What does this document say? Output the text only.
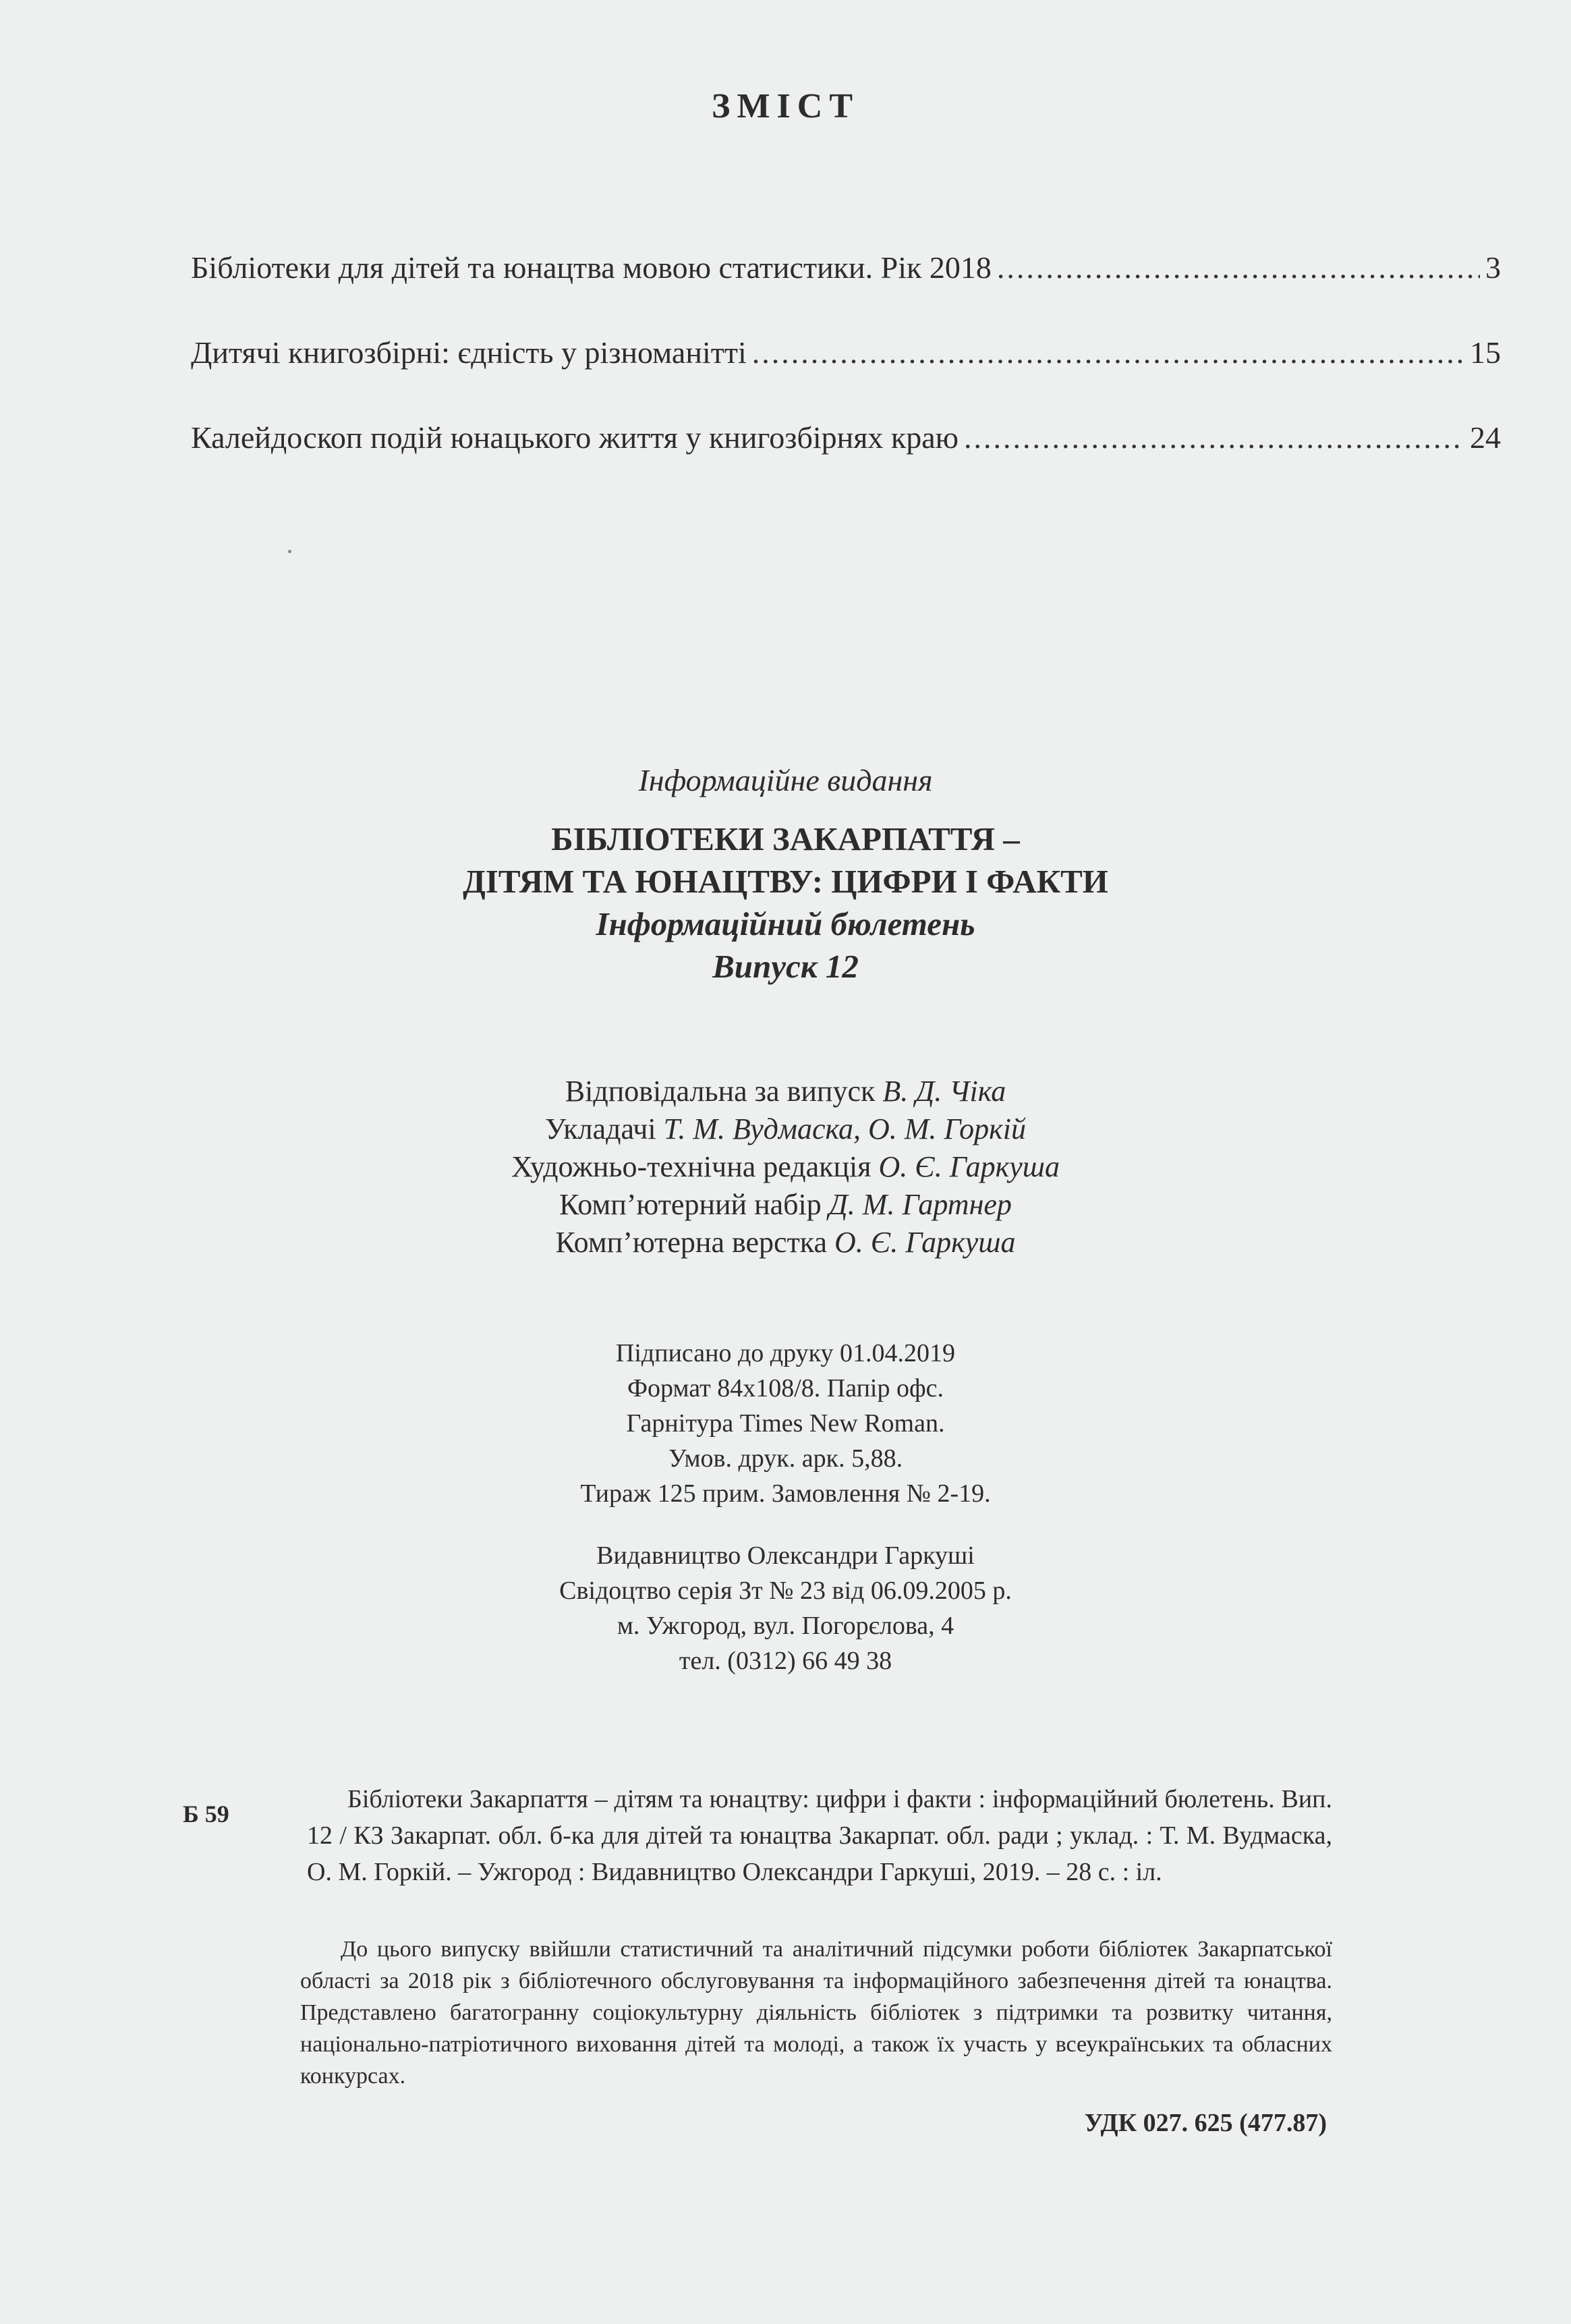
ЗМІСТ
Бібліотеки для дітей та юнацтва мовою статистики. Рік 2018 .....	3
Дитячі книгозбірні: єдність у різноманітті .....	15
Калейдоскоп подій юнацького життя у книгозбірнях краю .....	24
Інформаційне видання
БІБЛІОТЕКИ ЗАКАРПАТТЯ –
ДІТЯМ ТА ЮНАЦТВУ: ЦИФРИ І ФАКТИ
Інформаційний бюлетень
Випуск 12
Відповідальна за випуск В. Д. Чіка
Укладачі Т. М. Вудмаска, О. М. Горкій
Художньо-технічна редакція О. Є. Гаркуша
Комп’ютерний набір Д. М. Гартнер
Комп’ютерна верстка О. Є. Гаркуша
Підписано до друку 01.04.2019
Формат 84х108/8. Папір офс.
Гарнітура Times New Roman.
Умов. друк. арк. 5,88.
Тираж 125 прим. Замовлення № 2-19.
Видавництво Олександри Гаркуші
Свідоцтво серія Зт № 23 від 06.09.2005 р.
м. Ужгород, вул. Погорєлова, 4
тел. (0312) 66 49 38
Б 59

Бібліотеки Закарпаття – дітям та юнацтву: цифри і факти : інформаційний бюлетень. Вип. 12 / КЗ Закарпат. обл. б-ка для дітей та юнацтва Закарпат. обл. ради ; уклад. : Т. М. Вудмаска, О. М. Горкій. – Ужгород : Видавництво Олександри Гаркуші, 2019. – 28 с. : іл.

До цього випуску ввійшли статистичний та аналітичний підсумки роботи бібліотек Закарпатської області за 2018 рік з бібліотечного обслуговування та інформаційного забезпечення дітей та юнацтва. Представлено багатогранну соціокультурну діяльність бібліотек з підтримки та розвитку читання, національно-патріотичного виховання дітей та молоді, а також їх участь у всеукраїнських та обласних конкурсах.

УДК 027. 625 (477.87)
